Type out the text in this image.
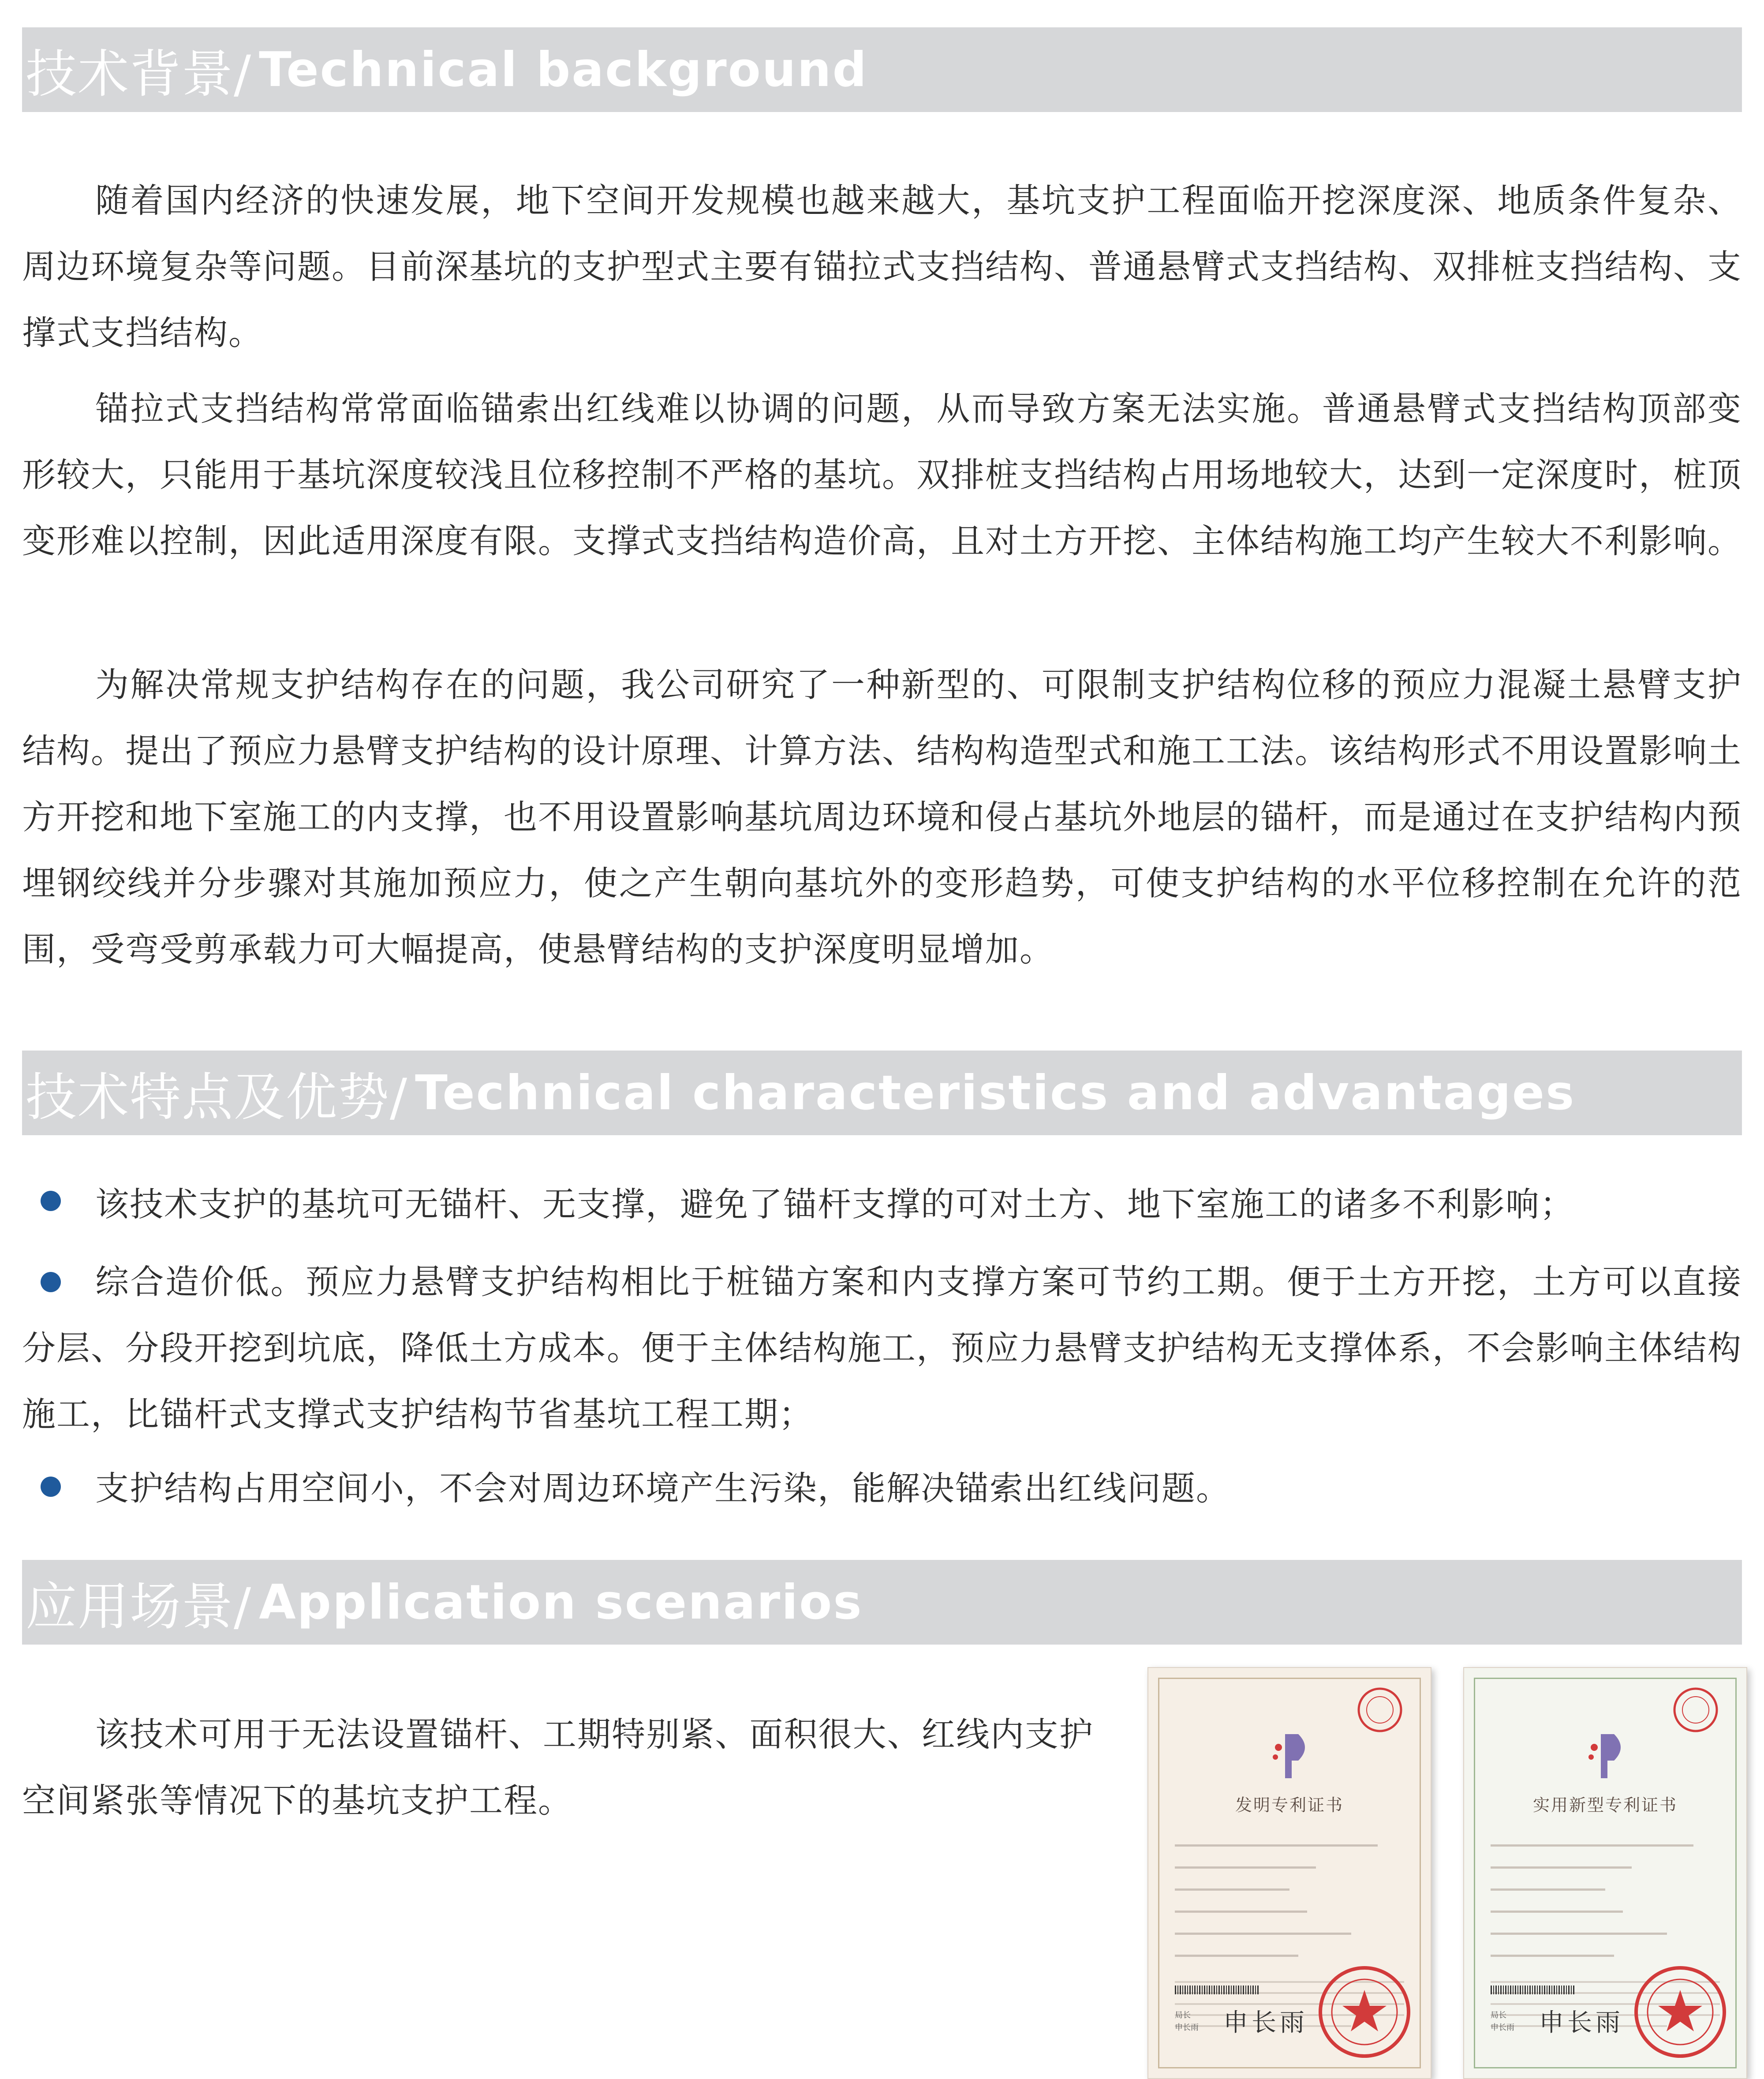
技术背景/ Technical background

随着国内经济的快速发展，地下空间开发规模也越来越大，基坑支护工程面临开挖深度深、地质条件复杂、周边环境复杂等问题。目前深基坑的支护型式主要有锚拉式支挡结构、普通悬臂式支挡结构、双排桩支挡结构、支撑式支挡结构。

锚拉式支挡结构常常面临锚索出红线难以协调的问题，从而导致方案无法实施。普通悬臂式支挡结构顶部变形较大，只能用于基坑深度较浅且位移控制不严格的基坑。双排桩支挡结构占用场地较大，达到一定深度时，桩顶变形难以控制，因此适用深度有限。支撑式支挡结构造价高，且对土方开挖、主体结构施工均产生较大不利影响。

为解决常规支护结构存在的问题，我公司研究了一种新型的、可限制支护结构位移的预应力混凝土悬臂支护结构。提出了预应力悬臂支护结构的设计原理、计算方法、结构构造型式和施工工法。该结构形式不用设置影响土方开挖和地下室施工的内支撑，也不用设置影响基坑周边环境和侵占基坑外地层的锚杆，而是通过在支护结构内预埋钢绞线并分步骤对其施加预应力，使之产生朝向基坑外的变形趋势，可使支护结构的水平位移控制在允许的范围，受弯受剪承载力可大幅提高，使悬臂结构的支护深度明显增加。

技术特点及优势/ Technical characteristics and advantages

该技术支护的基坑可无锚杆、无支撑，避免了锚杆支撑的可对土方、地下室施工的诸多不利影响；

综合造价低。预应力悬臂支护结构相比于桩锚方案和内支撑方案可节约工期。便于土方开挖，土方可以直接分层、分段开挖到坑底，降低土方成本。便于主体结构施工，预应力悬臂支护结构无支撑体系，不会影响主体结构施工，比锚杆式支撑式支护结构节省基坑工程工期；

支护结构占用空间小，不会对周边环境产生污染，能解决锚索出红线问题。

应用场景/ Application scenarios

该技术可用于无法设置锚杆、工期特别紧、面积很大、红线内支护空间紧张等情况下的基坑支护工程。	发明专利证书
局长
申长雨 申长雨
实用新型专利证书
局长
申长雨 申长雨
